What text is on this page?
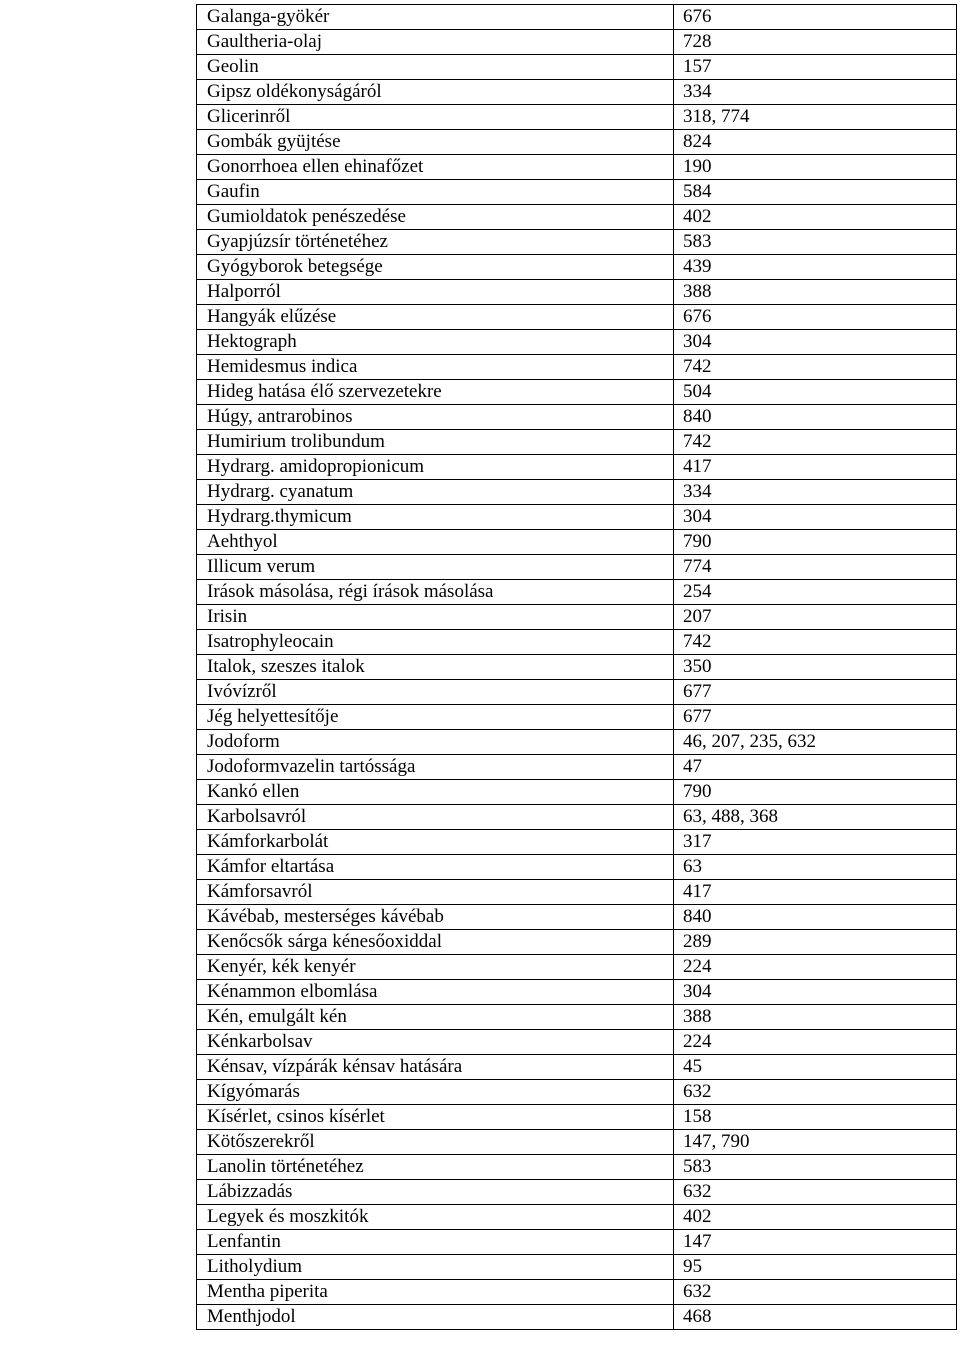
Galanga-gyökér	676
Gaultheria-olaj	728
Geolin	157
Gipsz oldékonyságáról	334
Glicerinről	318, 774
Gombák gyüjtése	824
Gonorrhoea ellen ehinafőzet	190
Gaufin	584
Gumioldatok penészedése	402
Gyapjúzsír történetéhez	583
Gyógyborok betegsége	439
Halporról	388
Hangyák elűzése	676
Hektograph	304
Hemidesmus indica	742
Hideg hatása élő szervezetekre	504
Húgy, antrarobinos	840
Humirium trolibundum	742
Hydrarg. amidopropionicum	417
Hydrarg. cyanatum	334
Hydrarg.thymicum	304
Aehthyol	790
Illicum verum	774
Irások másolása, régi írások másolása	254
Irisin	207
Isatrophyleocain	742
Italok, szeszes italok	350
Ivóvízről	677
Jég helyettesítője	677
Jodoform	46, 207, 235, 632
Jodoformvazelin tartóssága	47
Kankó ellen	790
Karbolsavról	63, 488, 368
Kámforkarbolát	317
Kámfor eltartása	63
Kámforsavról	417
Kávébab, mesterséges kávébab	840
Kenőcsők sárga kénesőoxiddal	289
Kenyér, kék kenyér	224
Kénammon elbomlása	304
Kén, emulgált kén	388
Kénkarbolsav	224
Kénsav, vízpárák kénsav hatására	45
Kígyómarás	632
Kísérlet, csinos kísérlet	158
Kötőszerekről	147, 790
Lanolin történetéhez	583
Lábizzadás	632
Legyek és moszkitók	402
Lenfantin	147
Litholydium	95
Mentha piperita	632
Menthjodol	468
